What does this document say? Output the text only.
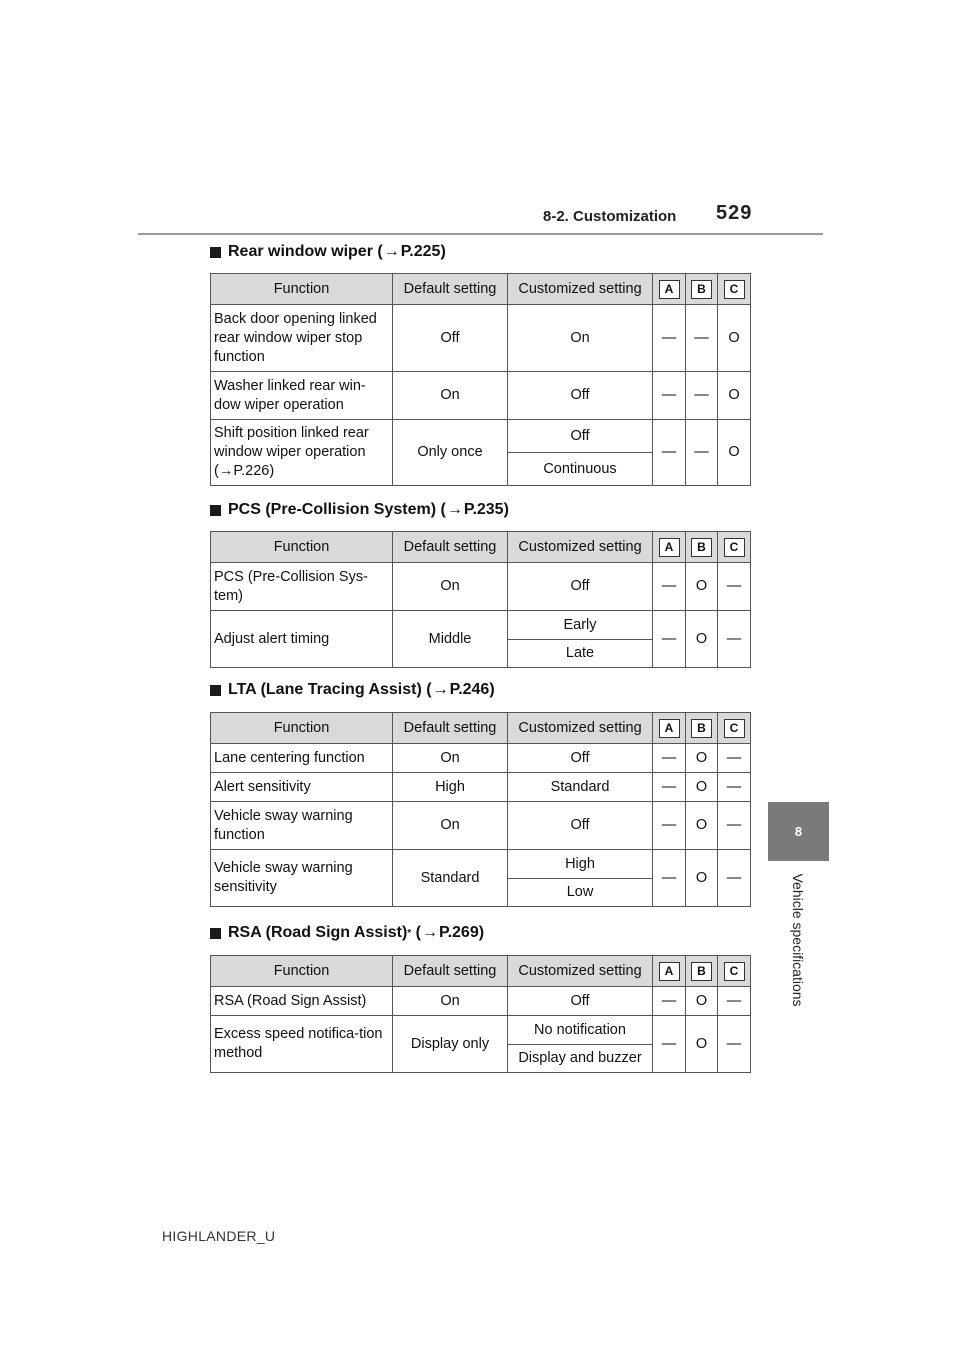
8-2. Customization 529
8
Vehicle specifications
Rear window wiper ( → P.225)
Function	Default setting	Customized setting	A	B	C
Back door opening linked rear window wiper stop function	Off	On	—	—	O
Washer linked rear win-dow wiper operation	On	Off	—	—	O
Shift position linked rear window wiper operation (→P.226)	Only once	Off	—	—	O
		Continuous			
PCS (Pre-Collision System) ( → P.235)
Function	Default setting	Customized setting	A	B	C
PCS (Pre-Collision Sys-tem)	On	Off	—	O	—
Adjust alert timing	Middle	Early	—	O	—
		Late			
LTA (Lane Tracing Assist) ( → P.246)
Function	Default setting	Customized setting	A	B	C
Lane centering function	On	Off	—	O	—
Alert sensitivity	High	Standard	—	O	—
Vehicle sway warning function	On	Off	—	O	—
Vehicle sway warning sensitivity	Standard	High	—	O	—
		Low			
RSA (Road Sign Assist) * ( → P.269)
Function	Default setting	Customized setting	A	B	C
RSA (Road Sign Assist)	On	Off	—	O	—
Excess speed notifica-tion method	Display only	No notification	—	O	—
		Display and buzzer			
HIGHLANDER_U
